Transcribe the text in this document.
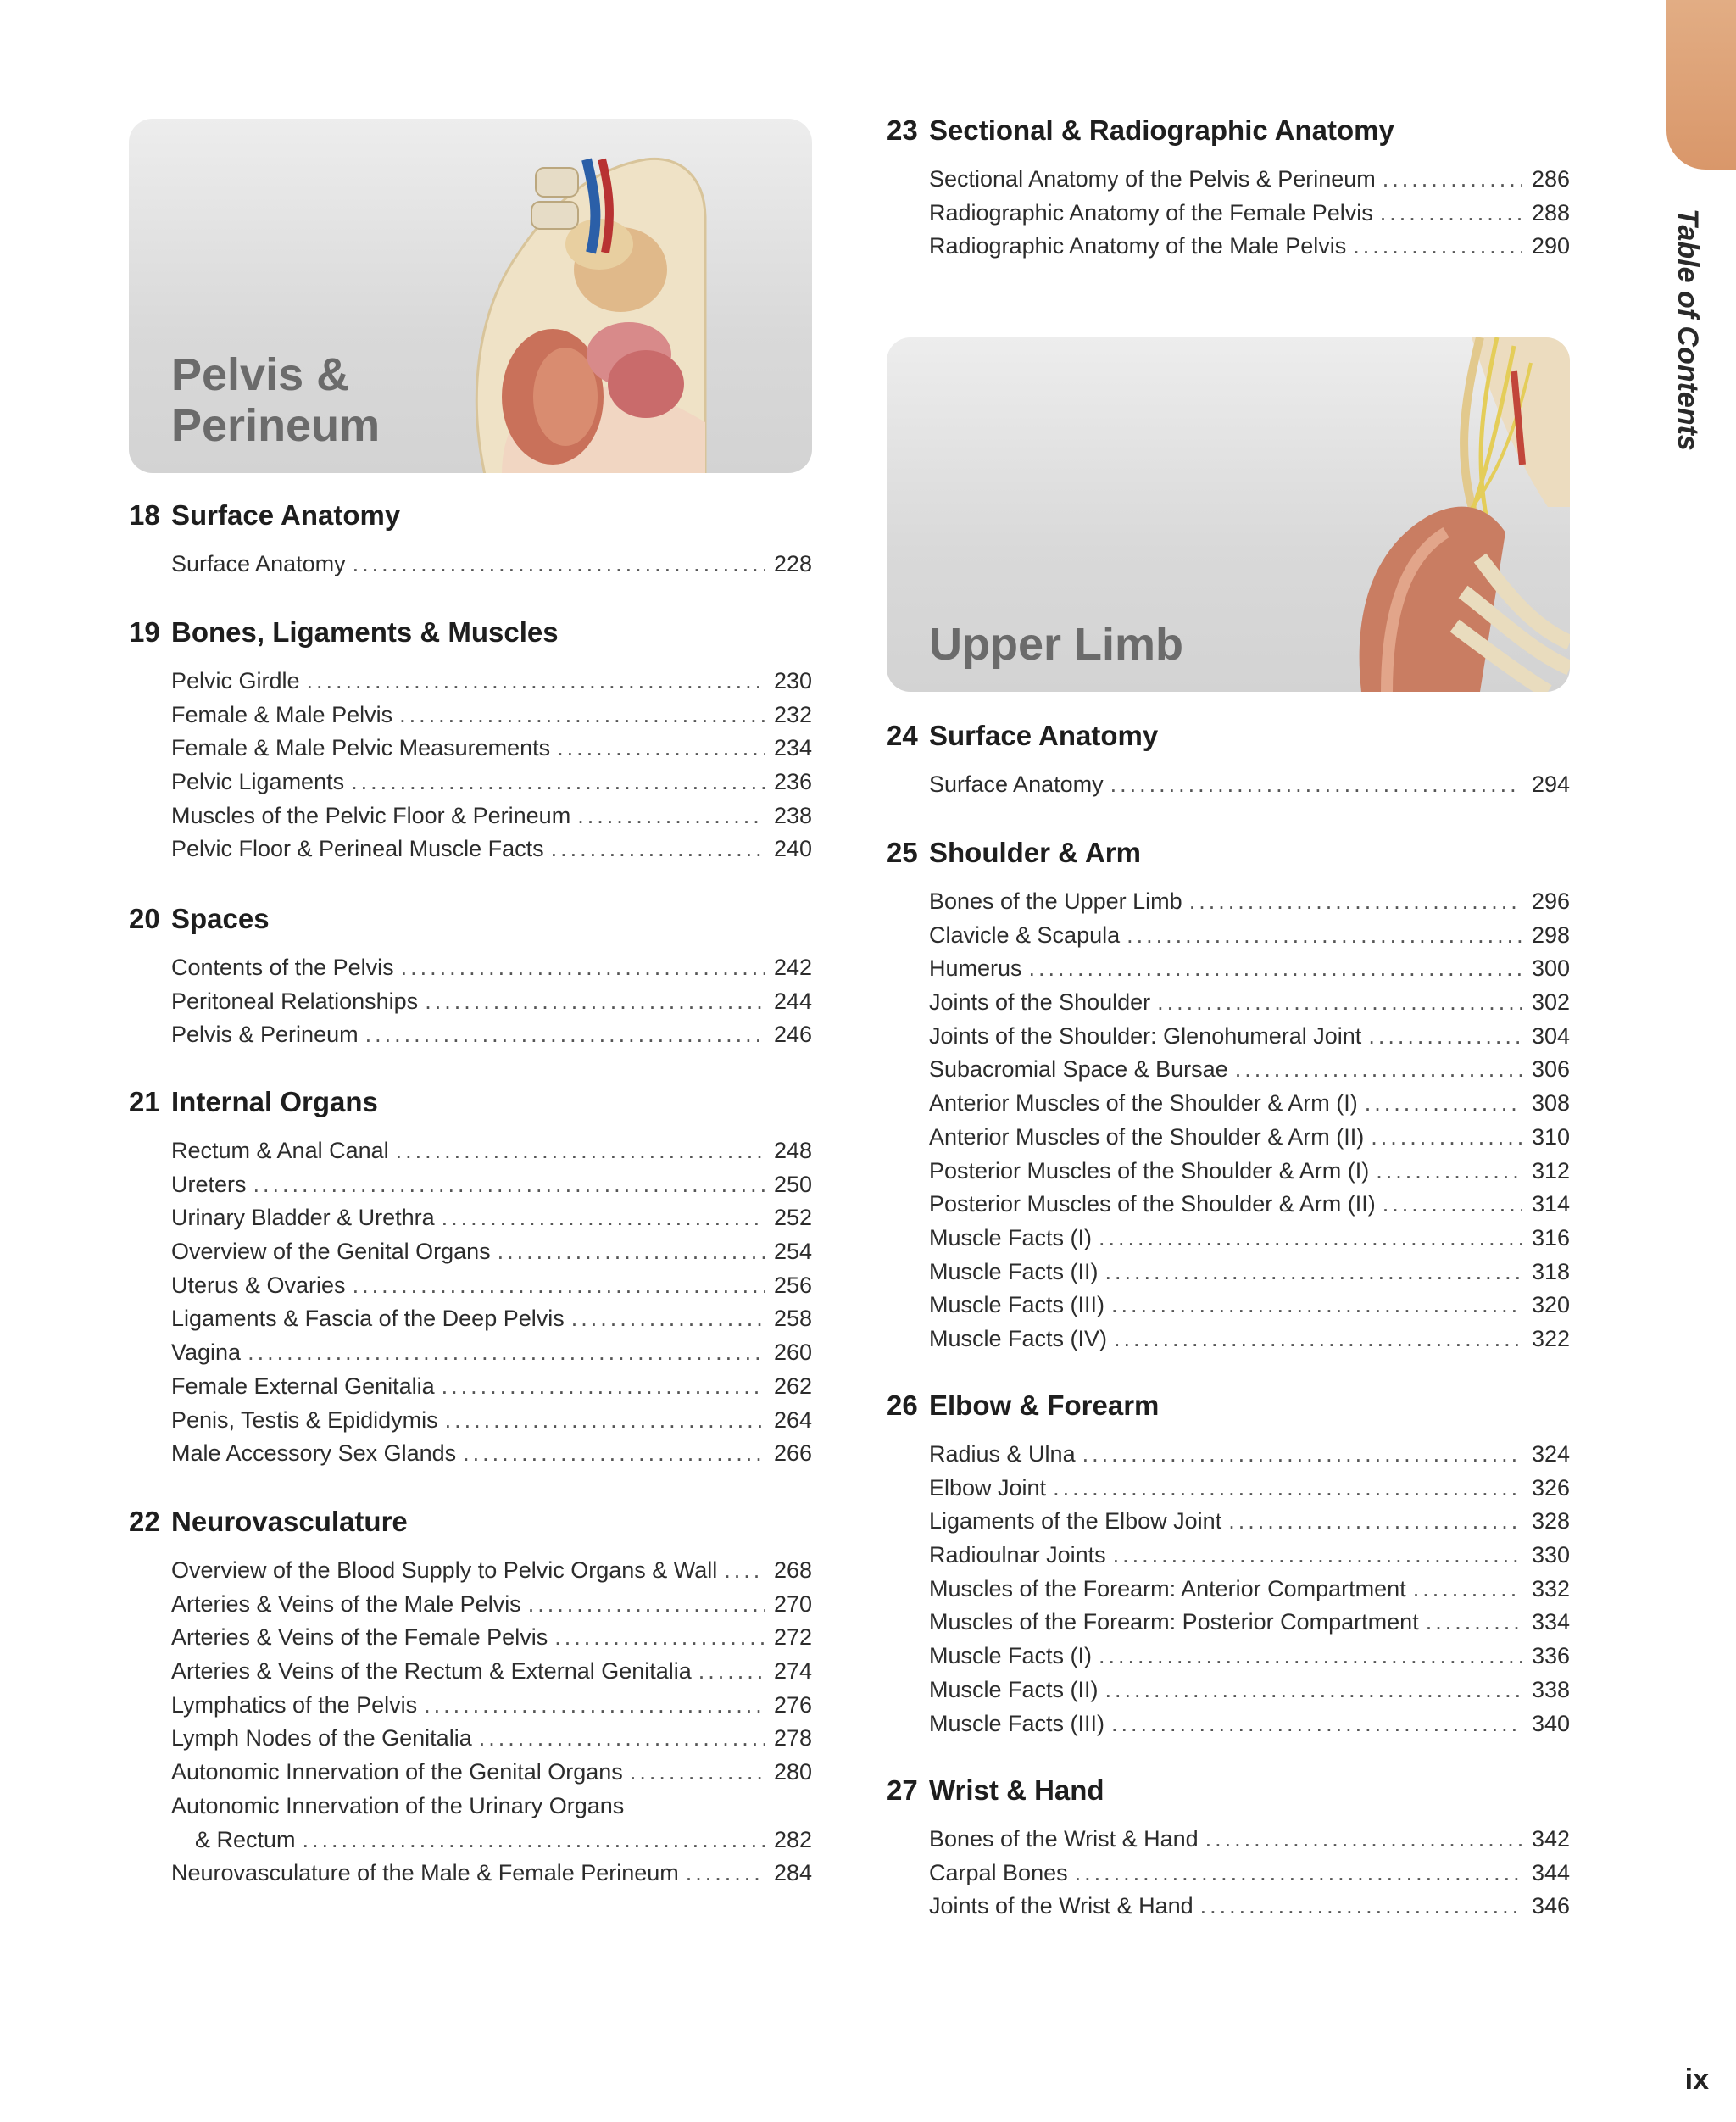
Table of Contents
Pelvis &
Perineum
18 Surface Anatomy
Surface Anatomy .....	228
19 Bones, Ligaments & Muscles
Pelvic Girdle .....	230
Female & Male Pelvis .....	232
Female & Male Pelvic Measurements .....	234
Pelvic Ligaments .....	236
Muscles of the Pelvic Floor & Perineum .....	238
Pelvic Floor & Perineal Muscle Facts .....	240
20 Spaces
Contents of the Pelvis .....	242
Peritoneal Relationships .....	244
Pelvis & Perineum .....	246
21 Internal Organs
Rectum & Anal Canal .....	248
Ureters .....	250
Urinary Bladder & Urethra .....	252
Overview of the Genital Organs .....	254
Uterus & Ovaries .....	256
Ligaments & Fascia of the Deep Pelvis .....	258
Vagina .....	260
Female External Genitalia .....	262
Penis, Testis & Epididymis .....	264
Male Accessory Sex Glands .....	266
22 Neurovasculature
Overview of the Blood Supply to Pelvic Organs & Wall ..... 268
Arteries & Veins of the Male Pelvis .....	270
Arteries & Veins of the Female Pelvis .....	272
Arteries & Veins of the Rectum & External Genitalia .....	274
Lymphatics of the Pelvis .....	276
Lymph Nodes of the Genitalia .....	278
Autonomic Innervation of the Genital Organs .....	280
Autonomic Innervation of the Urinary Organs
& Rectum .....	282
Neurovasculature of the Male & Female Perineum .....	284
23 Sectional & Radiographic Anatomy
Sectional Anatomy of the Pelvis & Perineum .....	286
Radiographic Anatomy of the Female Pelvis .....	288
Radiographic Anatomy of the Male Pelvis .....	290
Upper Limb
24 Surface Anatomy
Surface Anatomy .....	294
25 Shoulder & Arm
Bones of the Upper Limb .....	296
Clavicle & Scapula .....	298
Humerus .....	300
Joints of the Shoulder .....	302
Joints of the Shoulder: Glenohumeral Joint .....	304
Subacromial Space & Bursae .....	306
Anterior Muscles of the Shoulder & Arm (I) .....	308
Anterior Muscles of the Shoulder & Arm (II) .....	310
Posterior Muscles of the Shoulder & Arm (I) .....	312
Posterior Muscles of the Shoulder & Arm (II) .....	314
Muscle Facts (I) .....	316
Muscle Facts (II) .....	318
Muscle Facts (III) .....	320
Muscle Facts (IV) .....	322
26 Elbow & Forearm
Radius & Ulna .....	324
Elbow Joint .....	326
Ligaments of the Elbow Joint .....	328
Radioulnar Joints .....	330
Muscles of the Forearm: Anterior Compartment .....	332
Muscles of the Forearm: Posterior Compartment .....	334
Muscle Facts (I) .....	336
Muscle Facts (II) .....	338
Muscle Facts (III) .....	340
27 Wrist & Hand
Bones of the Wrist & Hand .....	342
Carpal Bones .....	344
Joints of the Wrist & Hand .....	346
ix
